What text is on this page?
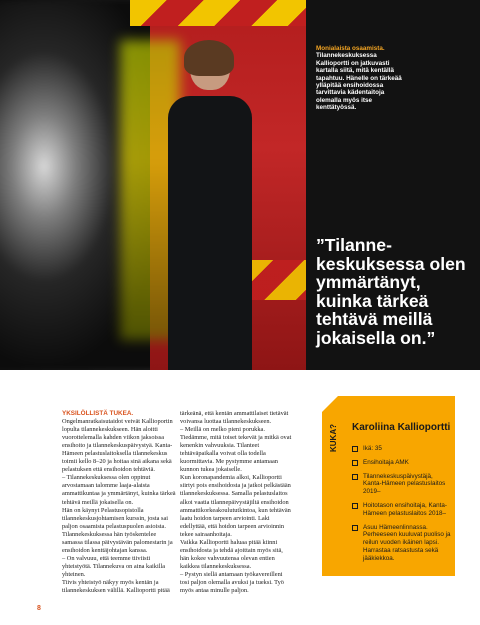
Monialaista osaamista.
Tilannekeskuksessa Kallioportti on jatkuvasti kartalla siitä, mitä kentällä tapahtuu. Hänelle on tärkeää ylläpitää ensihoidossa tarvittavia kädentaitoja olemalla myös itse kenttätyössä.
”Tilannekeskuksessa olen ymmärtänyt, kuinka tärkeä tehtävä meillä jokaisella on.”

YKSILÖLLISTÄ TUKEA. Ongelmanratkaisutaidot veivät Kallioportin lopulta tilannekeskukseen. Hän aloitti vuorottelemalla kahden viikon jaksoissa ensihoito ja tilannekeskuspäivystyä. Kanta-Hämeen pelastuslaitoksella tilannekeskus toimii kello 8–20 ja hoitaa sinä aikana sekä pelastuksen että ensihoidon tehtäviä.

– Tilannekeskuksessa olen oppinut arvostamaan talomme laaja-alaista ammattikuntaa ja ymmärtänyt, kuinka tärkeä tehtävä meillä jokaisella on.

Hän on käynyt Pelastusopistolla tilannekeskusjohtamisen kurssin, josta sai paljon osaamista pelastuspuolen asioista. Tilannekeskuksessa hän työskentelee samassa tilassa päivystävän palomestarin ja ensihoidon kenttäjohtajan kanssa.

– On valvuuu, että teemme tiiviisti yhteistyötä. Tilannekuva on aina kaikilla yhteinen.

Tiivis yhteistyö näkyy myös kentän ja tilannekeskuksen välillä. Kallioportti pitää

tärkeänä, että kentän ammattilaiset tietävät voivansa luottaa tilannekeskukseen.

– Meillä on melko pieni porukka. Tiedämme, mitä toiset tekevät ja mitkä ovat kenenkin vahvuuksia. Tilanteet tehtäväpaikalla voivat olla todella kuormittavia. Me pystymme antamaan kunnon tukea jokaiselle.

Kun koronapandemia alkoi, Kallioportti siirtyi pois ensihoidosta ja jatkoi pelkästään tilannekeskuksessa. Samalla pelastuslaitos alkoi vaatia tilannepäivystäjiltä ensihoidon ammattikorkeakoulututkintoa, kun tehtävän laatu hoidon tarpeen arviointi. Laki edellyttää, että hoidon tarpeen arvioinnin tekee sairaanhoitaja.

Vaikka Kallioportti haluaa pitää kiinni ensihoidosta ja tehdä ajoittain myös sitä, hän kokee vahvuutensa olevan entien kaikkea tilannekeskuksessa.

– Pystyn siellä antamaan työkavereilleni tosi paljon olemalla avuksi ja tueksi. Työ myös antaa minulle paljon.

8
KUKA? Karoliina Kallioportti
Ikä: 35
Ensihoitaja AMK
Tilannekeskuspäivystäjä, Kanta-Hämeen pelastuslaitos 2019–
Hoitotason ensihoitaja, Kanta-Hämeen pelastuslaitos 2018–
Asuu Hämeenlinnassa. Perheeseen kuuluvat puoliso ja reilun vuoden ikäinen lapsi. Harrastaa ratsastusta sekä jääkiekkoa.
